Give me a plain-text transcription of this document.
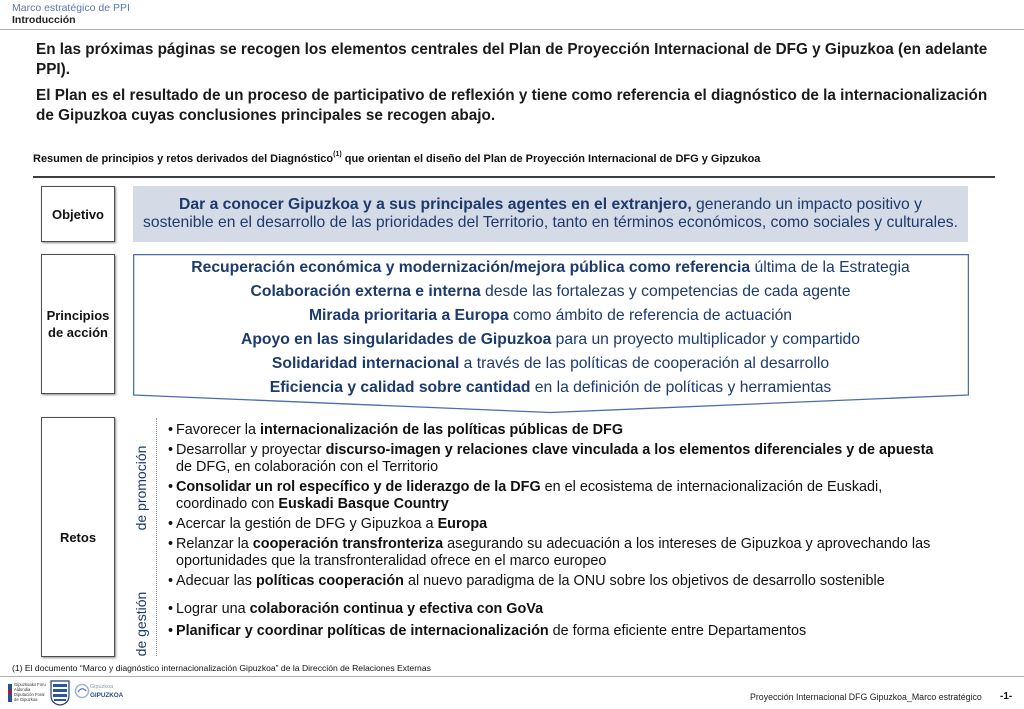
Marco estratégico de PPI
Introducción

En las próximas páginas se recogen los elementos centrales del Plan de Proyección Internacional de DFG y Gipuzkoa (en adelante PPI).

El Plan es el resultado de un proceso de participativo de reflexión y tiene como referencia el diagnóstico de la internacionalización de Gipuzkoa cuyas conclusiones principales se recogen abajo.

Resumen de principios y retos derivados del Diagnóstico$^{(1)}$ que orientan el diseño del Plan de Proyección Internacional de DFG y Gipzukoa
Objetivo
Dar a conocer Gipuzkoa y a sus principales agentes en el extranjero, generando un impacto positivo y
sostenible en el desarrollo de las prioridades del Territorio, tanto en términos económicos, como sociales y culturales.
Principios
de acción
Recuperación económica y modernización/mejora pública como referencia última de la Estrategia
Colaboración externa e interna desde las fortalezas y competencias de cada agente
Mirada prioritaria a Europa como ámbito de referencia de actuación
Apoyo en las singularidades de Gipuzkoa para un proyecto multiplicador y compartido
Solidaridad internacional a través de las políticas de cooperación al desarrollo
Eficiencia y calidad sobre cantidad en la definición de políticas y herramientas
Retos
de promoción
de gestión
•
Favorecer la internacionalización de las políticas públicas de DFG
•
Desarrollar y proyectar discurso-imagen y relaciones clave vinculada a los elementos diferenciales y de apuesta
de DFG, en colaboración con el Territorio
•
Consolidar un rol específico y de liderazgo de la DFG en el ecosistema de internacionalización de Euskadi,
coordinado con Euskadi Basque Country
•
Acercar la gestión de DFG y Gipuzkoa a Europa
•
Relanzar la cooperación transfronteriza asegurando su adecuación a los intereses de Gipuzkoa y aprovechando las
oportunidades que la transfronteralidad ofrece en el marco europeo
•
Adecuar las políticas cooperación al nuevo paradigma de la ONU sobre los objetivos de desarrollo sostenible
•
Lograr una colaboración continua y efectiva con GoVa
•
Planificar y coordinar políticas de internacionalización de forma eficiente entre Departamentos
(1) El documento “Marco y diagnóstico internacionalización Gipuzkoa” de la Dirección de Relaciones Externas
Gipuzkoako Foru Aldundia
Diputación Foral de Gipuzkoa
Gipuzkoa
GIPUZKOA	Proyección Internacional DFG Gipuzkoa_Marco estratégico -1-
